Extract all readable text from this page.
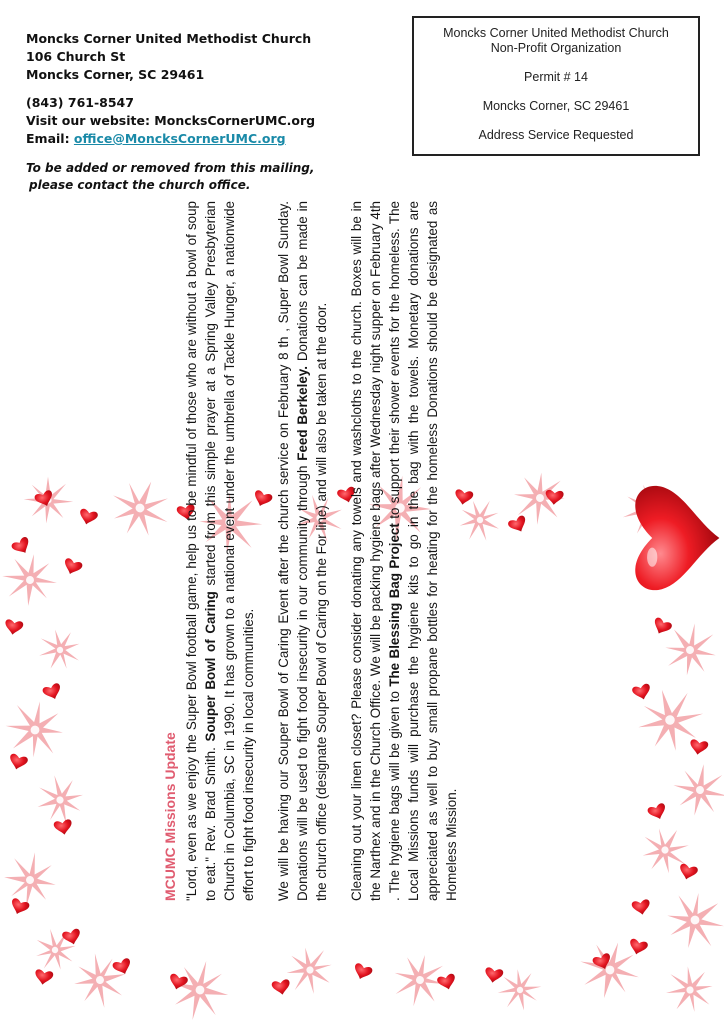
Moncks Corner United Methodist Church
106 Church St
Moncks Corner, SC 29461
(843) 761-8547
Visit our website: MoncksCornerUMC.org
Email: office@MoncksCornerUMC.org
To be added or removed from this mailing,
please contact the church office.
Moncks Corner United Methodist Church
Non-Profit Organization
Permit # 14
Moncks Corner, SC 29461
Address Service Requested
MCUMC Missions Update "Lord, even as we enjoy the Super Bowl football game, help us to be mindful of those who are without a bowl of soup to eat." Rev. Brad Smith. Souper Bowl of Caring started from this simple prayer at a Spring Valley Presbyterian Church in Columbia, SC in 1990. It has grown to a national event under the umbrella of Tackle Hunger, a nationwide effort to fight food insecurity in local communities. We will be having our Souper Bowl of Caring Event after the church service on February 8 th , Super Bowl Sunday. Donations will be used to fight food insecurity in our community through Feed Berkeley. Donations can be made in the church office (designate Souper Bowl of Caring on the For line) and will also be taken at the door. Cleaning out your linen closet? Please consider donating any towels and washcloths to the church. Boxes will be in the Narthex and in the Church Office. We will be packing hygiene bags after Wednesday night supper on February 4th . The hygiene bags will be given to The Blessing Bag Project to support their shower events for the homeless. The Local Missions funds will purchase the hygiene kits to go in the bag with the towels. Monetary donations are appreciated as well to buy small propane bottles for heating for the homeless Donations should be designated as Homeless Mission.
